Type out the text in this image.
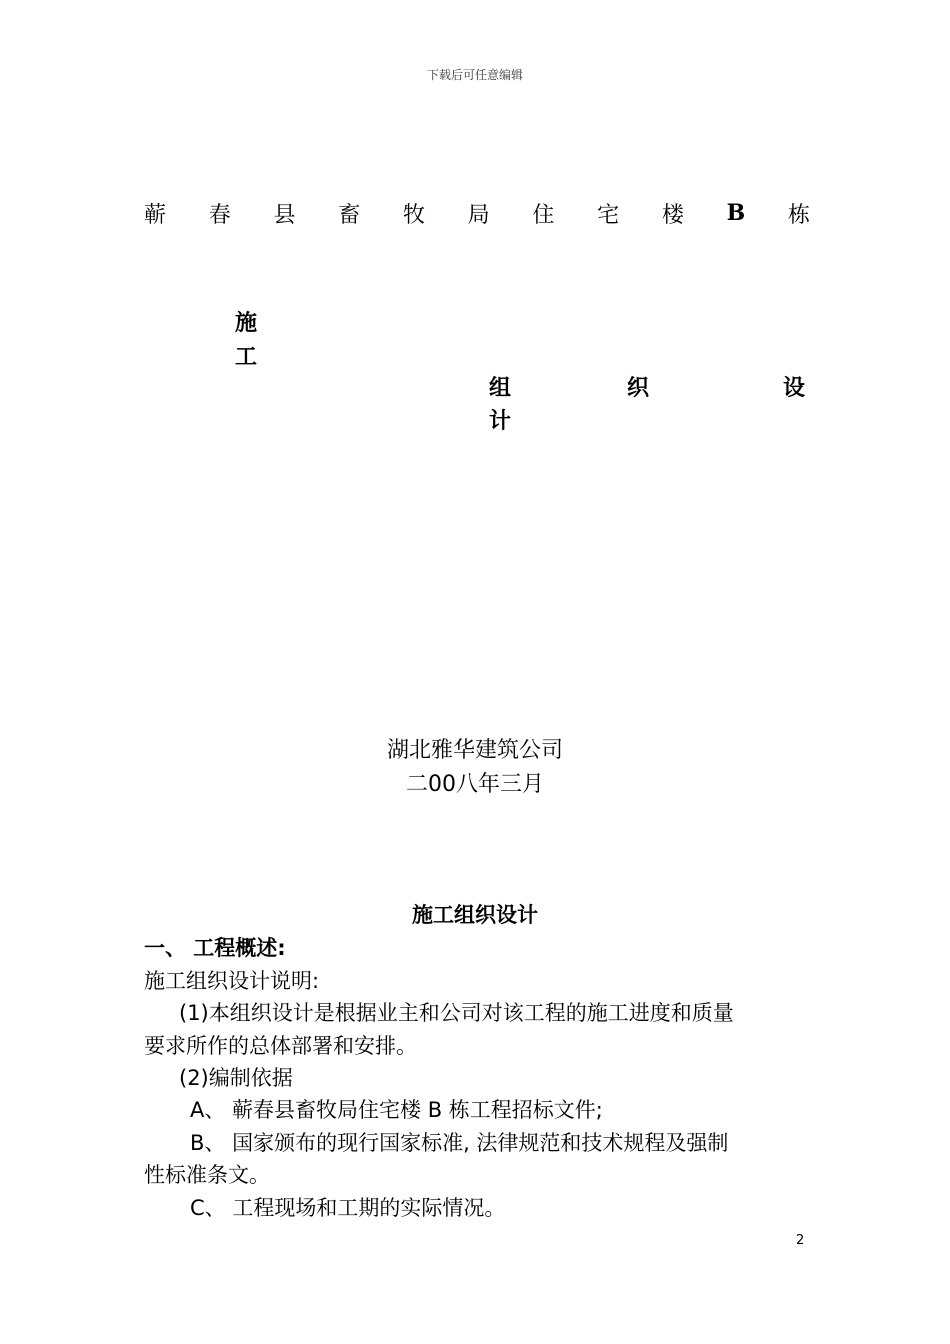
下载后可任意编辑
蕲 春 县 畜 牧 局 住 宅 楼 B 栋
施
工
组	织	设
计
湖北雅华建筑公司
二00八年三月
施工组织设计
一、 工程概述:
施工组织设计说明:
(1)本组织设计是根据业主和公司对该工程的施工进度和质量
要求所作的总体部署和安排。
(2)编制依据
A、 蕲春县畜牧局住宅楼 B 栋工程招标文件;
B、 国家颁布的现行国家标准, 法律规范和技术规程及强制
性标准条文。
C、 工程现场和工期的实际情况。
2
